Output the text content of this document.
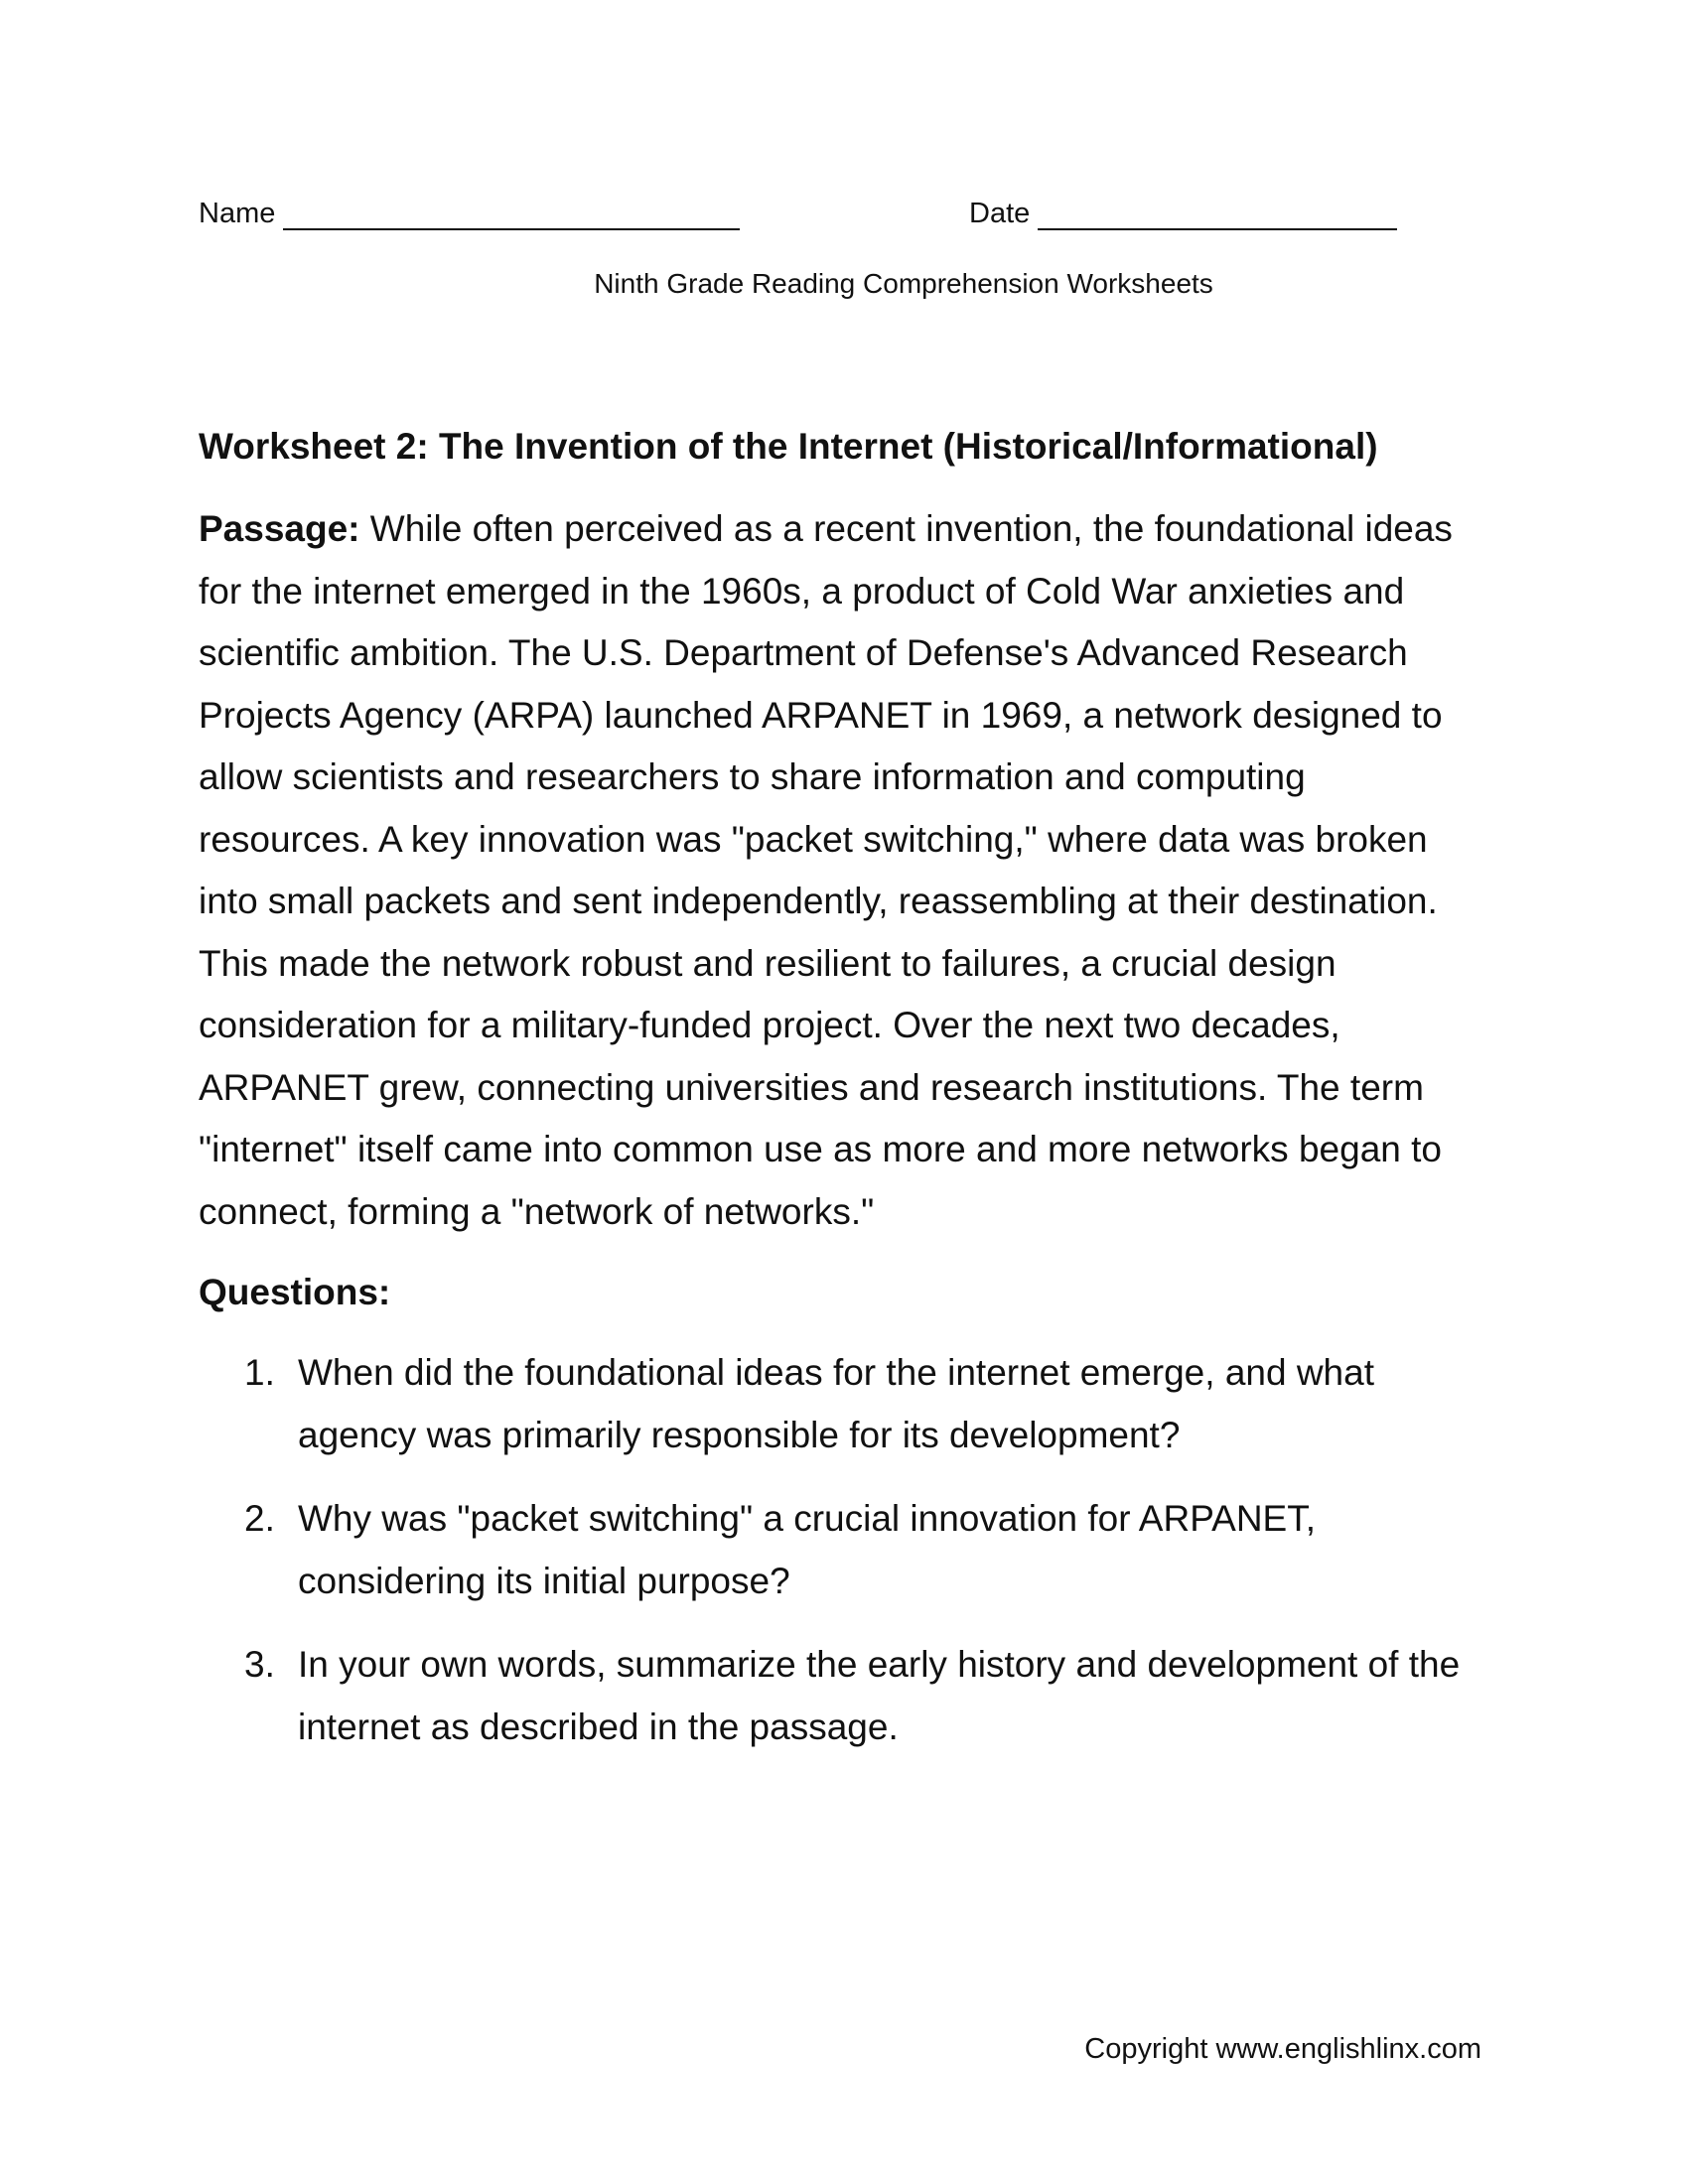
Name	Date
Ninth Grade Reading Comprehension Worksheets
Worksheet 2: The Invention of the Internet (Historical/Informational)

Passage: While often perceived as a recent invention, the foundational ideas for the internet emerged in the 1960s, a product of Cold War anxieties and scientific ambition. The U.S. Department of Defense's Advanced Research Projects Agency (ARPA) launched ARPANET in 1969, a network designed to allow scientists and researchers to share information and computing resources. A key innovation was "packet switching," where data was broken into small packets and sent independently, reassembling at their destination. This made the network robust and resilient to failures, a crucial design consideration for a military-funded project. Over the next two decades, ARPANET grew, connecting universities and research institutions. The term "internet" itself came into common use as more and more networks began to connect, forming a "network of networks."

Questions:
1. When did the foundational ideas for the internet emerge, and what agency was primarily responsible for its development?
2. Why was "packet switching" a crucial innovation for ARPANET, considering its initial purpose?
3. In your own words, summarize the early history and development of the internet as described in the passage.
Copyright www.englishlinx.com
